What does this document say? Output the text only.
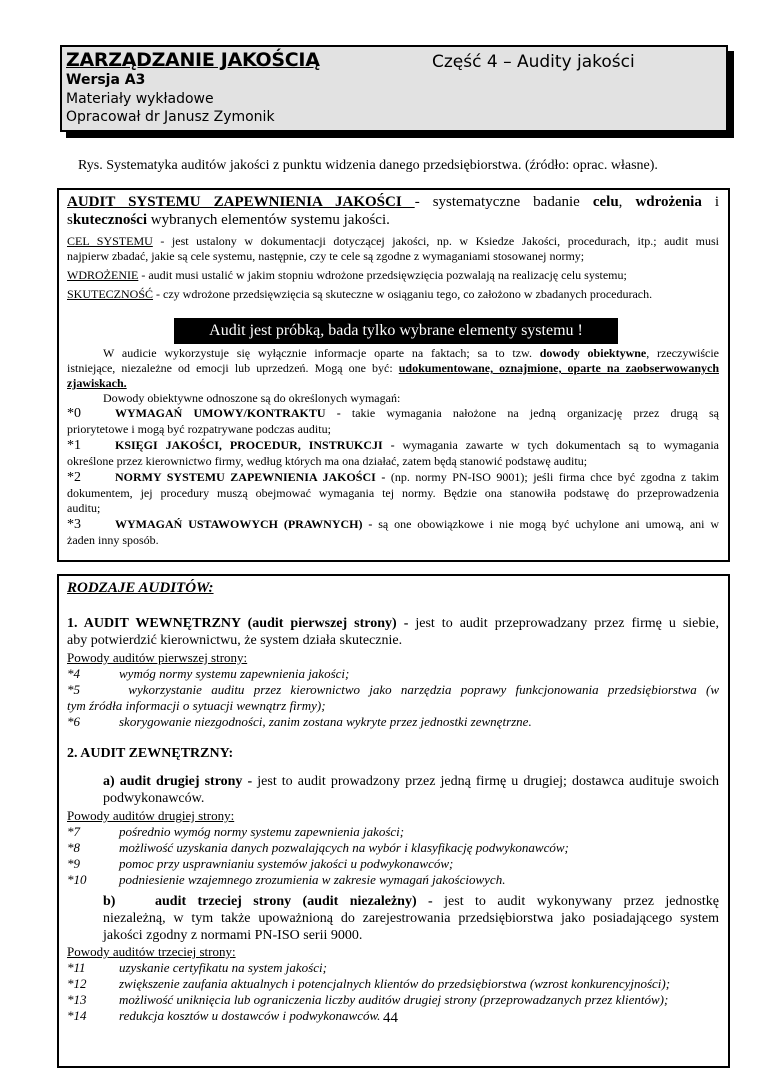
ZARZĄDZANIE JAKOŚCIĄ	Część 4 – Audity jakości
Wersja A3
Materiały wykładowe
Opracował dr Janusz Zymonik
Rys. Systematyka auditów jakości z punktu widzenia danego przedsiębiorstwa. (źródło: oprac. własne).
AUDIT SYSTEMU ZAPEWNIENIA JAKOŚCI - systematyczne badanie celu, wdrożenia i
skuteczności wybranych elementów systemu jakości.
CEL SYSTEMU - jest ustalony w dokumentacji dotyczącej jakości, np. w Ksiedze Jakości, procedurach, itp.; audit musi
najpierw zbadać, jakie są cele systemu, następnie, czy te cele są zgodne z wymaganiami stosowanej normy;
WDROŻENIE - audit musi ustalić w jakim stopniu wdrożone przedsięwzięcia pozwalają na realizację celu systemu;
SKUTECZNOŚĆ - czy wdrożone przedsięwzięcia są skuteczne w osiąganiu tego, co założono w zbadanych procedurach.
Audit jest próbką, bada tylko wybrane elementy systemu !
W audicie wykorzystuje się wyłącznie informacje oparte na faktach; sa to tzw. dowody obiektywne, rzeczywiście
istniejące, niezależne od emocji lub uprzedzeń. Mogą one być: udokumentowane, oznajmione, oparte na zaobserwowanych
zjawiskach.
Dowody obiektywne odnoszone są do określonych wymagań:
*0	WYMAGAŃ UMOWY/KONTRAKTU - takie wymagania nałożone na jedną organizację przez drugą są
priorytetowe i mogą być rozpatrywane podczas auditu;
*1	KSIĘGI JAKOŚCI, PROCEDUR, INSTRUKCJI - wymagania zawarte w tych dokumentach są to wymagania
określone przez kierownictwo firmy, według których ma ona działać, zatem będą stanowić podstawę auditu;
*2	NORMY SYSTEMU ZAPEWNIENIA JAKOŚCI - (np. normy PN-ISO 9001); jeśli firma chce być zgodna z takim
dokumentem, jej procedury muszą obejmować wymagania tej normy. Będzie ona stanowiła podstawę do przeprowadzenia
auditu;
*3	WYMAGAŃ USTAWOWYCH (PRAWNYCH) - są one obowiązkowe i nie mogą być uchylone ani umową, ani w
żaden inny sposób.
RODZAJE AUDITÓW:
1. AUDIT WEWNĘTRZNY (audit pierwszej strony) - jest to audit przeprowadzany przez firmę u siebie,
aby potwierdzić kierownictwu, że system działa skutecznie.
Powody auditów pierwszej strony:
*4	wymóg normy systemu zapewnienia jakości;
*5	wykorzystanie auditu przez kierownictwo jako narzędzia poprawy funkcjonowania przedsiębiorstwa (w
tym źródła informacji o sytuacji wewnątrz firmy);
*6	skorygowanie niezgodności, zanim zostana wykryte przez jednostki zewnętrzne.
2. AUDIT ZEWNĘTRZNY:
a) audit drugiej strony - jest to audit prowadzony przez jedną firmę u drugiej; dostawca audituje swoich
podwykonawców.
Powody auditów drugiej strony:
*7	pośrednio wymóg normy systemu zapewnienia jakości;
*8	możliwość uzyskania danych pozwalających na wybór i klasyfikację podwykonawców;
*9	pomoc przy usprawnianiu systemów jakości u podwykonawców;
*10	podniesienie wzajemnego zrozumienia w zakresie wymagań jakościowych.
b)	audit trzeciej strony (audit niezależny) - jest to audit wykonywany przez jednostkę
niezależną, w tym także upoważnioną do zarejestrowania przedsiębiorstwa jako posiadającego system
jakości zgodny z normami PN-ISO serii 9000.
Powody auditów trzeciej strony:
*11	uzyskanie certyfikatu na system jakości;
*12	zwiększenie zaufania aktualnych i potencjalnych klientów do przedsiębiorstwa (wzrost konkurencyjności);
*13	możliwość uniknięcia lub ograniczenia liczby auditów drugiej strony (przeprowadzanych przez klientów);
*14	redukcja kosztów u dostawców i podwykonawców. 44
